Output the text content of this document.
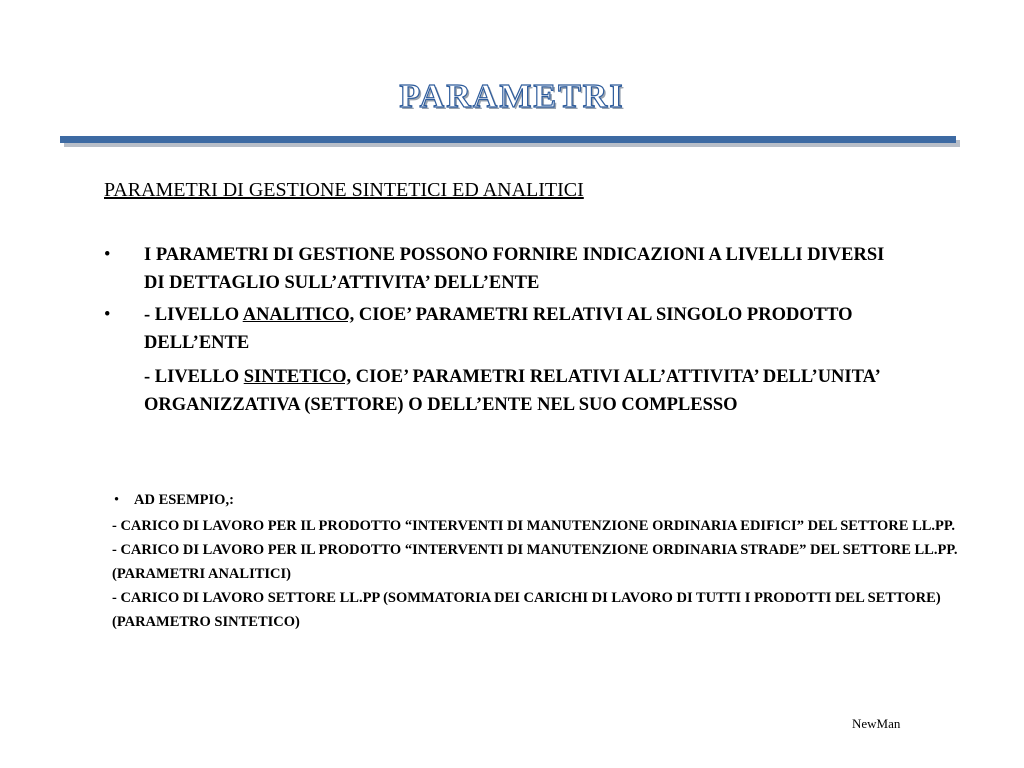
PARAMETRI
PARAMETRI DI GESTIONE SINTETICI ED ANALITICI
•	I PARAMETRI DI GESTIONE POSSONO FORNIRE INDICAZIONI A LIVELLI DIVERSI DI DETTAGLIO SULL’ATTIVITA’ DELL’ENTE
•	- LIVELLO ANALITICO, CIOE’ PARAMETRI RELATIVI AL SINGOLO PRODOTTO DELL’ENTE
- LIVELLO SINTETICO, CIOE’ PARAMETRI RELATIVI ALL’ATTIVITA’ DELL’UNITA’ ORGANIZZATIVA (SETTORE) O DELL’ENTE NEL SUO COMPLESSO
•	AD ESEMPIO,:
- CARICO DI LAVORO PER IL PRODOTTO “INTERVENTI DI MANUTENZIONE ORDINARIA EDIFICI” DEL SETTORE LL.PP.
- CARICO DI LAVORO PER IL PRODOTTO “INTERVENTI DI MANUTENZIONE ORDINARIA STRADE” DEL SETTORE LL.PP.
(PARAMETRI ANALITICI)
- CARICO DI LAVORO SETTORE LL.PP (SOMMATORIA DEI CARICHI DI LAVORO DI TUTTI I PRODOTTI DEL SETTORE)
(PARAMETRO SINTETICO)
NewMan
